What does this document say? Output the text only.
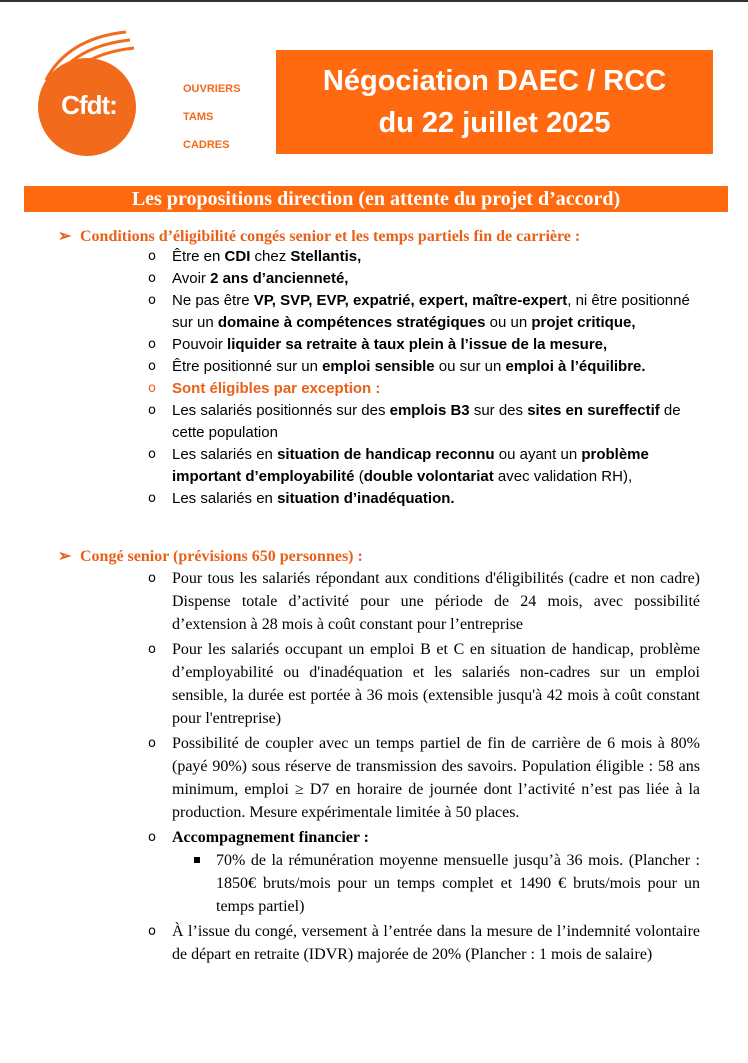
Cfdt:
OUVRIERS
TAMS
CADRES
Négociation DAEC / RCC
du 22 juillet 2025
Les propositions direction (en attente du projet d’accord)
➢ Conditions d’éligibilité congés senior et les temps partiels fin de carrière :
o Être en CDI chez Stellantis,
o Avoir 2 ans d’ancienneté,
o Ne pas être VP, SVP, EVP, expatrié, expert, maître-expert, ni être positionné sur un domaine à compétences stratégiques ou un projet critique,
o Pouvoir liquider sa retraite à taux plein à l’issue de la mesure,
o Être positionné sur un emploi sensible ou sur un emploi à l’équilibre.
o Sont éligibles par exception :
o Les salariés positionnés sur des emplois B3 sur des sites en sureffectif de cette population
o Les salariés en situation de handicap reconnu ou ayant un problème important d’employabilité (double volontariat avec validation RH),
o Les salariés en situation d’inadéquation.
➢ Congé senior (prévisions 650 personnes) :
o Pour tous les salariés répondant aux conditions d'éligibilités (cadre et non cadre) Dispense totale d’activité pour une période de 24 mois, avec possibilité d’extension à 28 mois à coût constant pour l’entreprise
o Pour les salariés occupant un emploi B et C en situation de handicap, problème d’employabilité ou d'inadéquation et les salariés non-cadres sur un emploi sensible, la durée est portée à 36 mois (extensible jusqu'à 42 mois à coût constant pour l'entreprise)
o Possibilité de coupler avec un temps partiel de fin de carrière de 6 mois à 80% (payé 90%) sous réserve de transmission des savoirs. Population éligible : 58 ans minimum, emploi ≥ D7 en horaire de journée dont l’activité n’est pas liée à la production. Mesure expérimentale limitée à 50 places.
o Accompagnement financier :
70% de la rémunération moyenne mensuelle jusqu’à 36 mois. (Plancher : 1850€ bruts/mois pour un temps complet et 1490 € bruts/mois pour un temps partiel)
o À l’issue du congé, versement à l’entrée dans la mesure de l’indemnité volontaire de départ en retraite (IDVR) majorée de 20% (Plancher : 1 mois de salaire)
